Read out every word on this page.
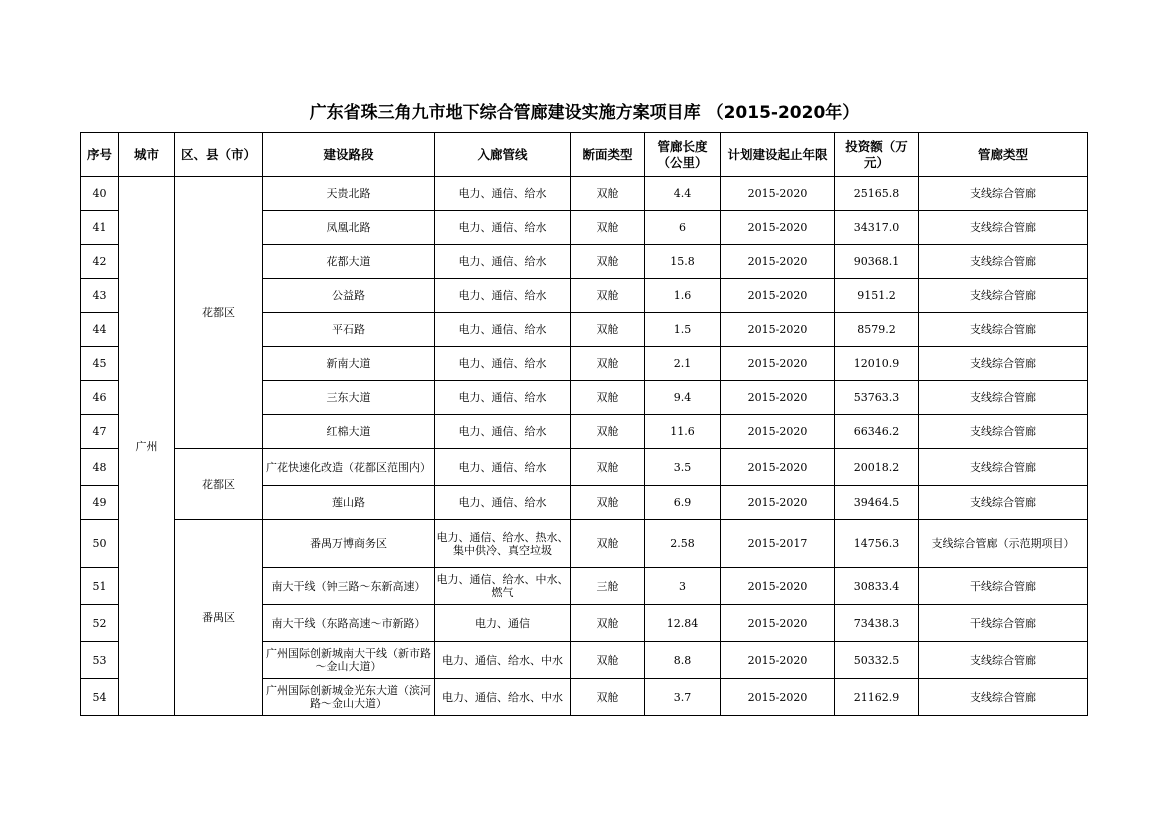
广东省珠三角九市地下综合管廊建设实施方案项目库 （2015-2020年）
序号	城市	区、县（市）	建设路段	入廊管线	断面类型	管廊长度（公里）	计划建设起止年限	投资额（万元）	管廊类型
40	广州	花都区	天贵北路	电力、通信、给水	双舱	4.4	2015-2020	25165.8	支线综合管廊
41			凤凰北路	电力、通信、给水	双舱	6	2015-2020	34317.0	支线综合管廊
42			花都大道	电力、通信、给水	双舱	15.8	2015-2020	90368.1	支线综合管廊
43			公益路	电力、通信、给水	双舱	1.6	2015-2020	9151.2	支线综合管廊
44			平石路	电力、通信、给水	双舱	1.5	2015-2020	8579.2	支线综合管廊
45			新南大道	电力、通信、给水	双舱	2.1	2015-2020	12010.9	支线综合管廊
46			三东大道	电力、通信、给水	双舱	9.4	2015-2020	53763.3	支线综合管廊
47			红棉大道	电力、通信、给水	双舱	11.6	2015-2020	66346.2	支线综合管廊
48		花都区	广花快速化改造（花都区范围内）	电力、通信、给水	双舱	3.5	2015-2020	20018.2	支线综合管廊
49			莲山路	电力、通信、给水	双舱	6.9	2015-2020	39464.5	支线综合管廊
50		番禺区	番禺万博商务区	电力、通信、给水、热水、集中供冷、真空垃圾	双舱	2.58	2015-2017	14756.3	支线综合管廊（示范期项目）
51			南大干线（钟三路～东新高速）	电力、通信、给水、中水、燃气	三舱	3	2015-2020	30833.4	干线综合管廊
52			南大干线（东路高速～市新路）	电力、通信	双舱	12.84	2015-2020	73438.3	干线综合管廊
53			广州国际创新城南大干线（新市路～金山大道）	电力、通信、给水、中水	双舱	8.8	2015-2020	50332.5	支线综合管廊
54			广州国际创新城金光东大道（滨河路～金山大道）	电力、通信、给水、中水	双舱	3.7	2015-2020	21162.9	支线综合管廊
